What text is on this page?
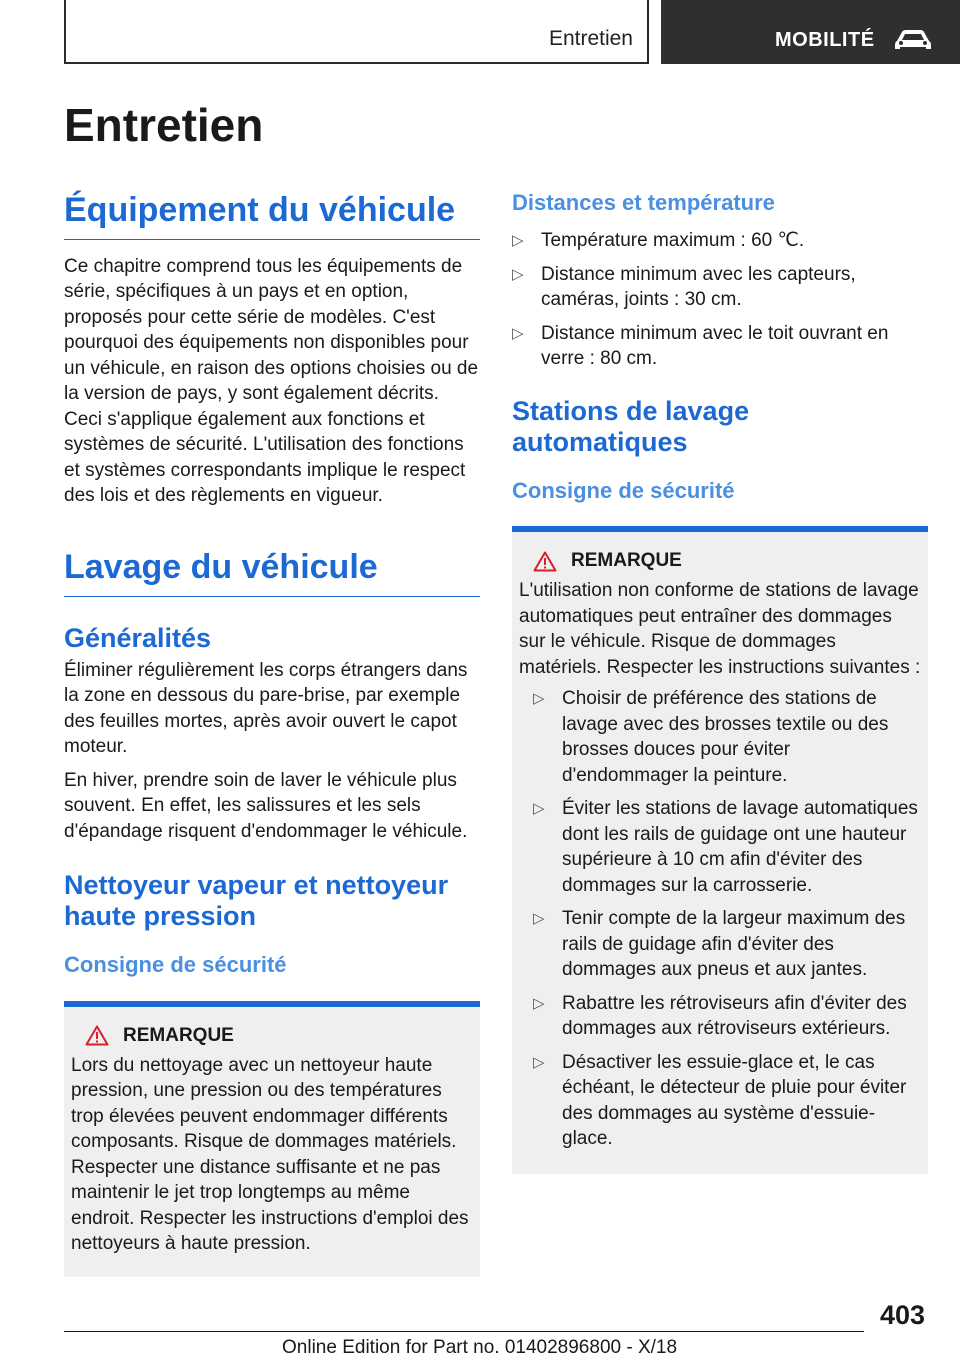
Entretien	MOBILITÉ
Entretien
Équipement du véhicule

Ce chapitre comprend tous les équipements de série, spécifiques à un pays et en option, proposés pour cette série de modèles. C'est pourquoi des équipements non disponibles pour un véhicule, en raison des options choisies ou de la version de pays, y sont également décrits. Ceci s'applique également aux fonctions et systèmes de sécurité. L'utilisation des fonctions et systèmes correspondants implique le respect des lois et des règlements en vigueur.

Lavage du véhicule
Généralités

Éliminer régulièrement les corps étrangers dans la zone en dessous du pare-brise, par exemple des feuilles mortes, après avoir ouvert le capot moteur.

En hiver, prendre soin de laver le véhicule plus souvent. En effet, les salissures et les sels d'épandage risquent d'endommager le véhicule.

Nettoyeur vapeur et nettoyeur haute pression
Consigne de sécurité
REMARQUE

Lors du nettoyage avec un nettoyeur haute pression, une pression ou des températures trop élevées peuvent endommager différents composants. Risque de dommages matériels. Respecter une distance suffisante et ne pas maintenir le jet trop longtemps au même endroit. Respecter les instructions d'emploi des nettoyeurs à haute pression.

Distances et température
▷ Température maximum : 60 ℃.
▷ Distance minimum avec les capteurs, caméras, joints : 30 cm.
▷ Distance minimum avec le toit ouvrant en verre : 80 cm.
Stations de lavage automatiques
Consigne de sécurité
REMARQUE

L'utilisation non conforme de stations de lavage automatiques peut entraîner des dommages sur le véhicule. Risque de dommages matériels. Respecter les instructions suivantes :

▷ Choisir de préférence des stations de lavage avec des brosses textile ou des brosses douces pour éviter d'endommager la peinture.
▷ Éviter les stations de lavage automatiques dont les rails de guidage ont une hauteur supérieure à 10 cm afin d'éviter des dommages sur la carrosserie.
▷ Tenir compte de la largeur maximum des rails de guidage afin d'éviter des dommages aux pneus et aux jantes.
▷ Rabattre les rétroviseurs afin d'éviter des dommages aux rétroviseurs extérieurs.
▷ Désactiver les essuie-glace et, le cas échéant, le détecteur de pluie pour éviter des dommages au système d'essuie-glace.
403
Online Edition for Part no. 01402896800 - X/18
